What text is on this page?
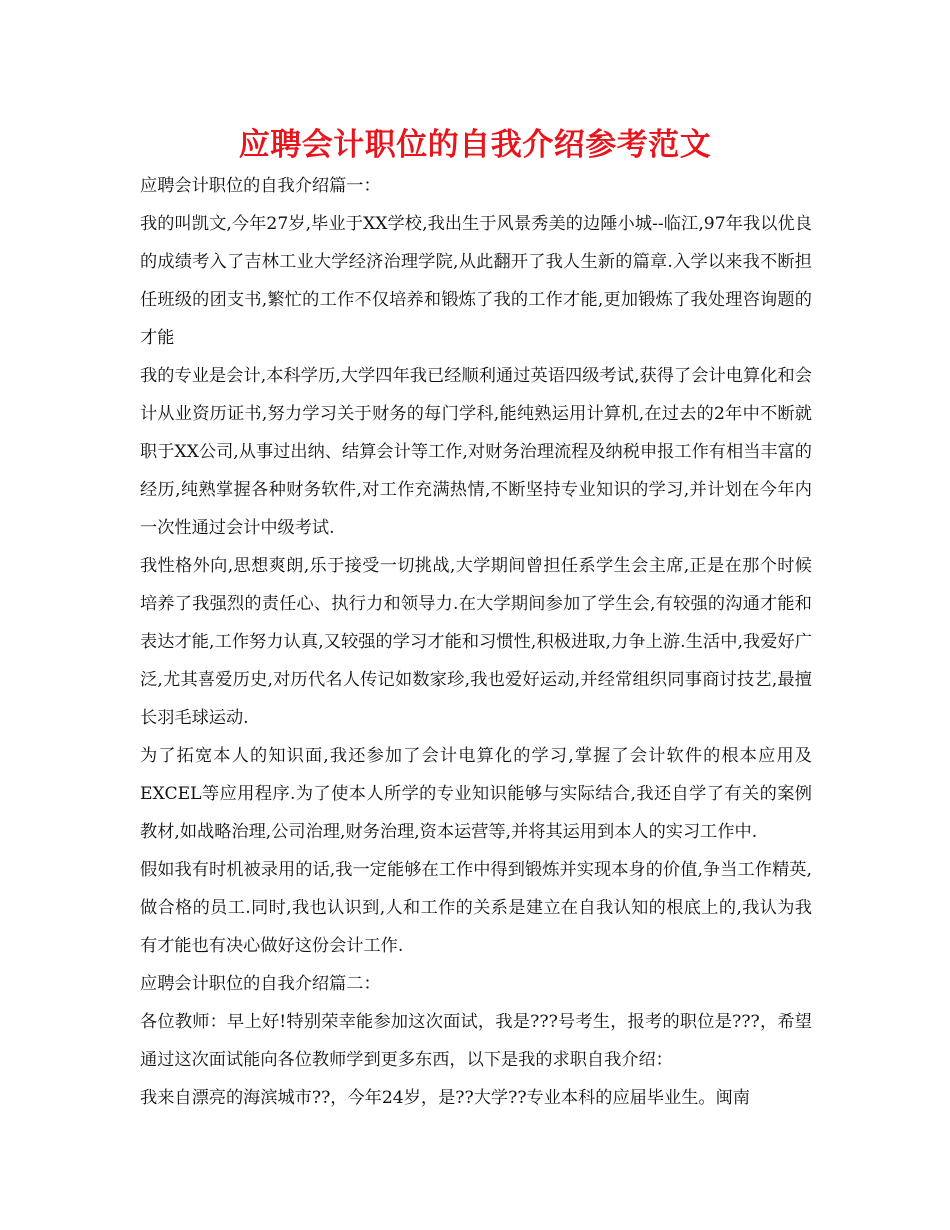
应聘会计职位的自我介绍参考范文

应聘会计职位的自我介绍篇一：

我的叫凯文,今年27岁,毕业于XX学校,我出生于风景秀美的边陲小城--临江,97年我以优良的成绩考入了吉林工业大学经济治理学院,从此翻开了我人生新的篇章.入学以来我不断担任班级的团支书,繁忙的工作不仅培养和锻炼了我的工作才能,更加锻炼了我处理咨询题的才能

我的专业是会计,本科学历,大学四年我已经顺利通过英语四级考试,获得了会计电算化和会计从业资历证书,努力学习关于财务的每门学科,能纯熟运用计算机,在过去的2年中不断就职于XX公司,从事过出纳、结算会计等工作,对财务治理流程及纳税申报工作有相当丰富的经历,纯熟掌握各种财务软件,对工作充满热情,不断坚持专业知识的学习,并计划在今年内一次性通过会计中级考试.

我性格外向,思想爽朗,乐于接受一切挑战,大学期间曾担任系学生会主席,正是在那个时候培养了我强烈的责任心、执行力和领导力.在大学期间参加了学生会,有较强的沟通才能和表达才能,工作努力认真,又较强的学习才能和习惯性,积极进取,力争上游.生活中,我爱好广泛,尤其喜爱历史,对历代名人传记如数家珍,我也爱好运动,并经常组织同事商讨技艺,最擅长羽毛球运动.

为了拓宽本人的知识面,我还参加了会计电算化的学习,掌握了会计软件的根本应用及EXCEL等应用程序.为了使本人所学的专业知识能够与实际结合,我还自学了有关的案例教材,如战略治理,公司治理,财务治理,资本运营等,并将其运用到本人的实习工作中.

假如我有时机被录用的话,我一定能够在工作中得到锻炼并实现本身的价值,争当工作精英,做合格的员工.同时,我也认识到,人和工作的关系是建立在自我认知的根底上的,我认为我有才能也有决心做好这份会计工作.

应聘会计职位的自我介绍篇二：

各位教师：早上好!特别荣幸能参加这次面试，我是???号考生，报考的职位是???，希望通过这次面试能向各位教师学到更多东西，以下是我的求职自我介绍：

我来自漂亮的海滨城市??，今年24岁，是??大学??专业本科的应届毕业生。闽南
